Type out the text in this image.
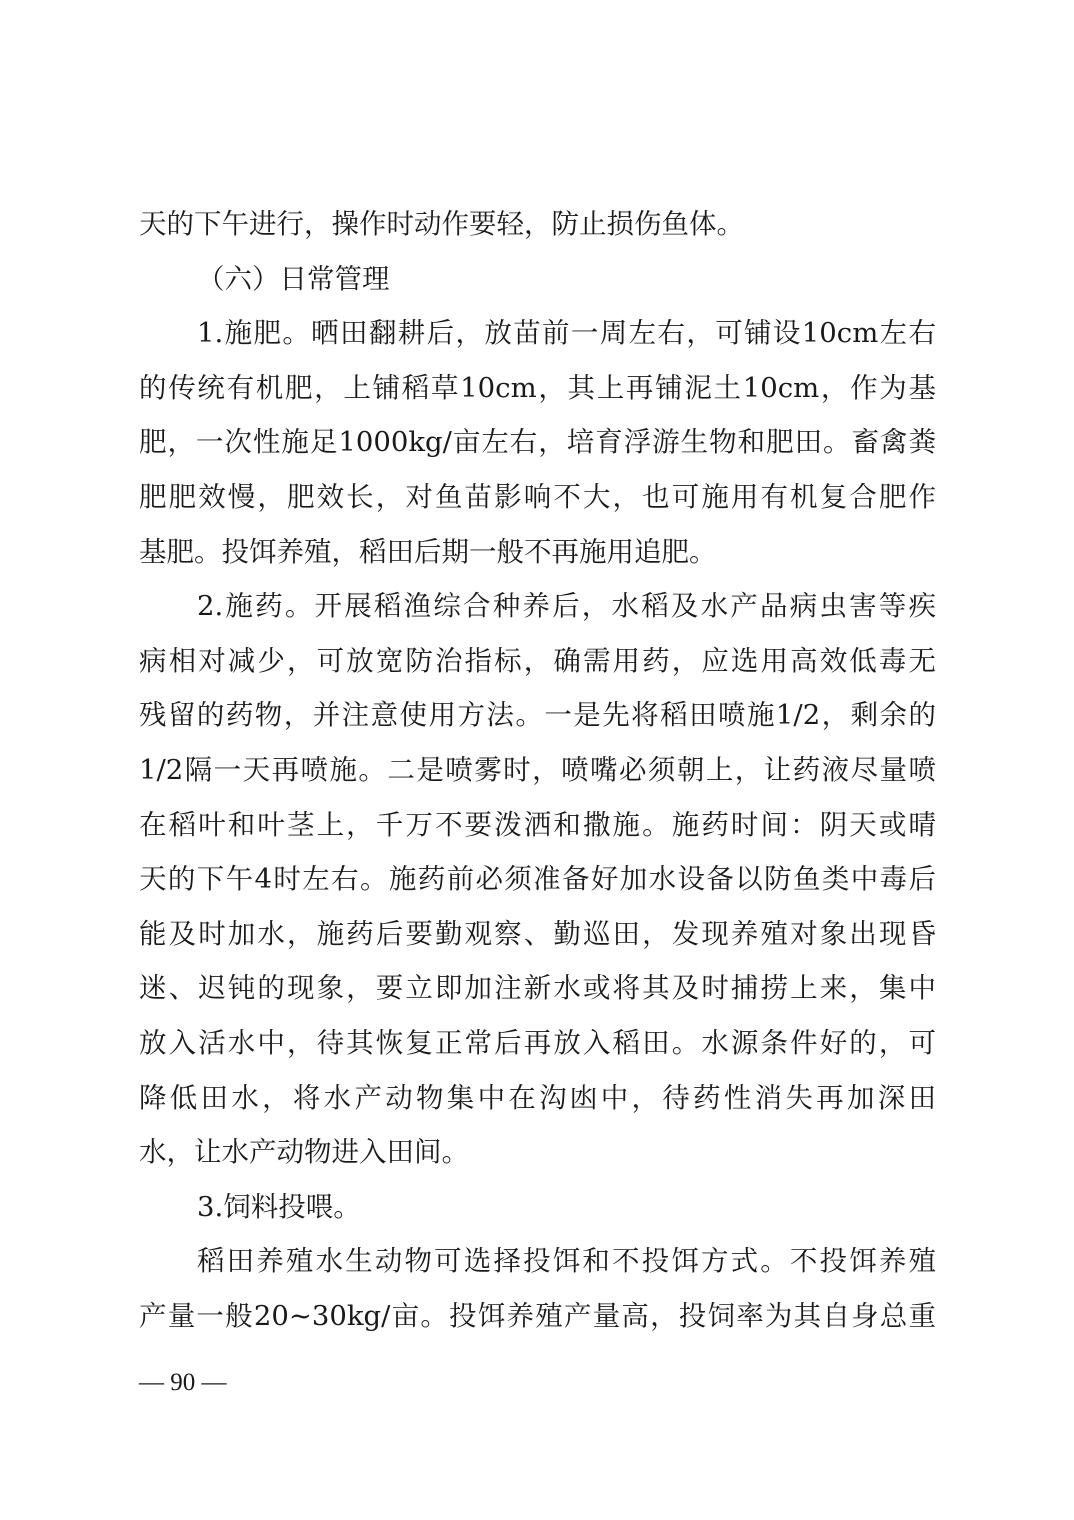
天的下午进行，操作时动作要轻，防止损伤鱼体。
（六）日常管理
1.施肥。晒田翻耕后，放苗前一周左右，可铺设10cm左右
的传统有机肥，上铺稻草10cm，其上再铺泥土10cm，作为基
肥，一次性施足1000kg/亩左右，培育浮游生物和肥田。畜禽粪
肥肥效慢，肥效长，对鱼苗影响不大，也可施用有机复合肥作
基肥。投饵养殖，稻田后期一般不再施用追肥。
2.施药。开展稻渔综合种养后，水稻及水产品病虫害等疾
病相对减少，可放宽防治指标，确需用药，应选用高效低毒无
残留的药物，并注意使用方法。一是先将稻田喷施1/2，剩余的
1/2隔一天再喷施。二是喷雾时，喷嘴必须朝上，让药液尽量喷
在稻叶和叶茎上，千万不要泼洒和撒施。施药时间：阴天或晴
天的下午4时左右。施药前必须准备好加水设备以防鱼类中毒后
能及时加水，施药后要勤观察、勤巡田，发现养殖对象出现昏
迷、迟钝的现象，要立即加注新水或将其及时捕捞上来，集中
放入活水中，待其恢复正常后再放入稻田。水源条件好的，可
降低田水，将水产动物集中在沟凼中，待药性消失再加深田
水，让水产动物进入田间。
3.饲料投喂。
稻田养殖水生动物可选择投饵和不投饵方式。不投饵养殖
产量一般20~30kg/亩。投饵养殖产量高，投饲率为其自身总重
— 90 —
